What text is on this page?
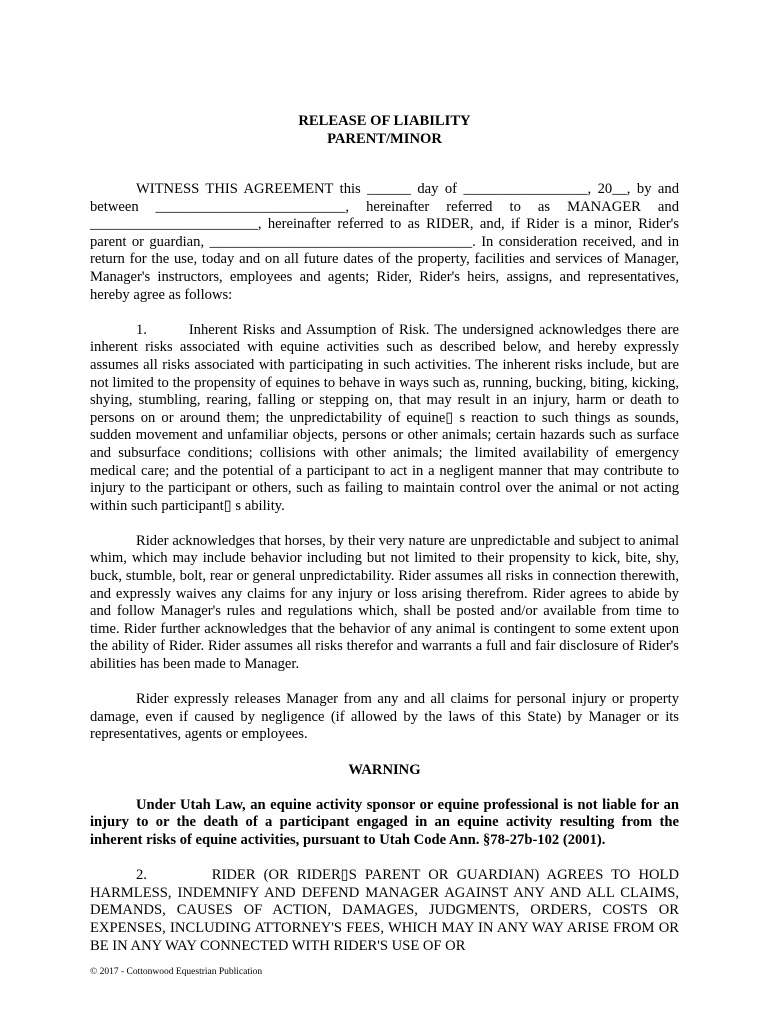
RELEASE OF LIABILITY
PARENT/MINOR

WITNESS THIS AGREEMENT this ______ day of _________________, 20__, by and between __________________________, hereinafter referred to as MANAGER and _______________________, hereinafter referred to as RIDER, and, if Rider is a minor, Rider's parent or guardian, ____________________________________. In consideration received, and in return for the use, today and on all future dates of the property, facilities and services of Manager, Manager's instructors, employees and agents; Rider, Rider's heirs, assigns, and representatives, hereby agree as follows:

1.        Inherent Risks and Assumption of Risk. The undersigned acknowledges there are inherent risks associated with equine activities such as described below, and hereby expressly assumes all risks associated with participating in such activities. The inherent risks include, but are not limited to the propensity of equines to behave in ways such as, running, bucking, biting, kicking, shying, stumbling, rearing, falling or stepping on, that may result in an injury, harm or death to persons on or around them; the unpredictability of equine▯ s reaction to such things as sounds, sudden movement and unfamiliar objects, persons or other animals; certain hazards such as surface and subsurface conditions; collisions with other animals; the limited availability of emergency medical care; and the potential of a participant to act in a negligent manner that may contribute to injury to the participant or others, such as failing to maintain control over the animal or not acting within such participant▯ s ability.

Rider acknowledges that horses, by their very nature are unpredictable and subject to animal whim, which may include behavior including but not limited to their propensity to kick, bite, shy, buck, stumble, bolt, rear or general unpredictability. Rider assumes all risks in connection therewith, and expressly waives any claims for any injury or loss arising therefrom. Rider agrees to abide by and follow Manager's rules and regulations which, shall be posted and/or available from time to time. Rider further acknowledges that the behavior of any animal is contingent to some extent upon the ability of Rider. Rider assumes all risks therefor and warrants a full and fair disclosure of Rider's abilities has been made to Manager.

Rider expressly releases Manager from any and all claims for personal injury or property damage, even if caused by negligence (if allowed by the laws of this State) by Manager or its representatives, agents or employees.

WARNING

Under Utah Law, an equine activity sponsor or equine professional is not liable for an injury to or the death of a participant engaged in an equine activity resulting from the inherent risks of equine activities, pursuant to Utah Code Ann. §78-27b-102 (2001).

2.        RIDER (OR RIDER▯S PARENT OR GUARDIAN) AGREES TO HOLD HARMLESS, INDEMNIFY AND DEFEND MANAGER AGAINST ANY AND ALL CLAIMS, DEMANDS, CAUSES OF ACTION, DAMAGES, JUDGMENTS, ORDERS, COSTS OR EXPENSES, INCLUDING ATTORNEY'S FEES, WHICH MAY IN ANY WAY ARISE FROM OR BE IN ANY WAY CONNECTED WITH RIDER'S USE OF OR

© 2017 - Cottonwood Equestrian Publication
